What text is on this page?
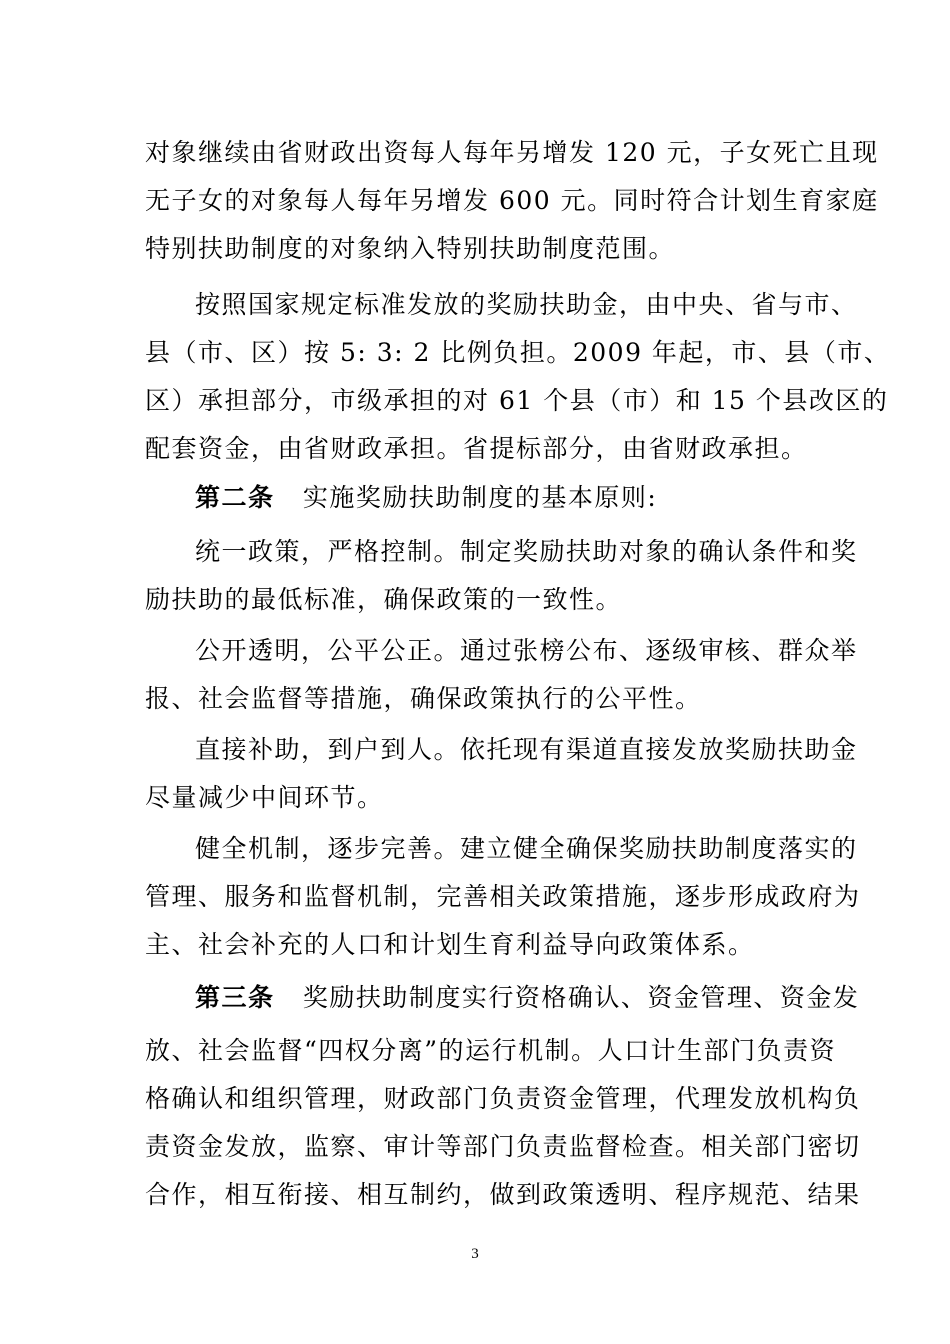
对象继续由省财政出资每人每年另增发 120 元，子女死亡且现
无子女的对象每人每年另增发 600 元。同时符合计划生育家庭
特别扶助制度的对象纳入特别扶助制度范围。
按照国家规定标准发放的奖励扶助金，由中央、省与市、
县（市、区）按 5: 3: 2 比例负担。2009 年起，市、县（市、
区）承担部分，市级承担的对 61 个县（市）和 15 个县改区的
配套资金，由省财政承担。省提标部分，由省财政承担。
第二条 实施奖励扶助制度的基本原则:
统一政策，严格控制。制定奖励扶助对象的确认条件和奖
励扶助的最低标准，确保政策的一致性。
公开透明，公平公正。通过张榜公布、逐级审核、群众举
报、社会监督等措施，确保政策执行的公平性。
直接补助，到户到人。依托现有渠道直接发放奖励扶助金
尽量减少中间环节。
健全机制，逐步完善。建立健全确保奖励扶助制度落实的
管理、服务和监督机制，完善相关政策措施，逐步形成政府为
主、社会补充的人口和计划生育利益导向政策体系。
第三条 奖励扶助制度实行资格确认、资金管理、资金发
放、社会监督“四权分离”的运行机制。人口计生部门负责资
格确认和组织管理，财政部门负责资金管理，代理发放机构负
责资金发放，监察、审计等部门负责监督检查。相关部门密切
合作，相互衔接、相互制约，做到政策透明、程序规范、结果
3
